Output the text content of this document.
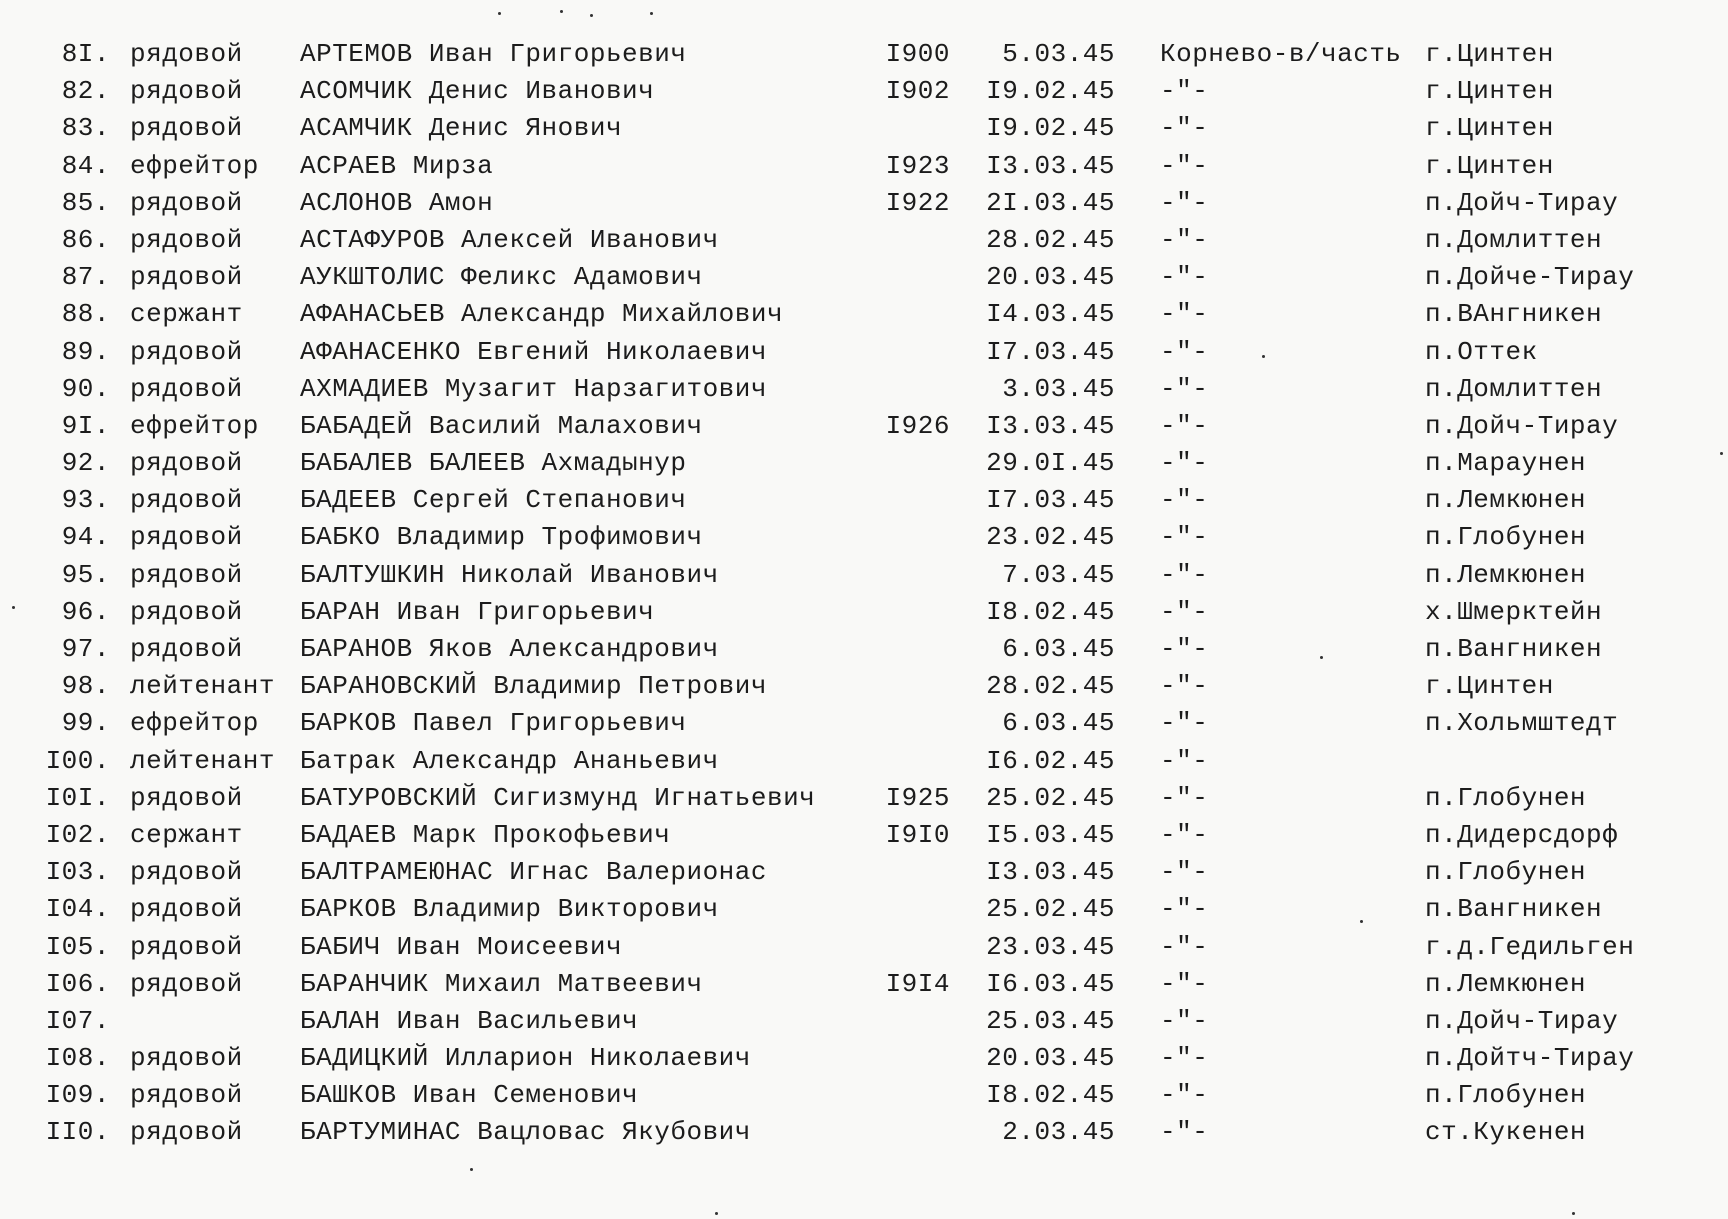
8I. рядовой АРТЕМОВ Иван Григорьевич	I900	5.03.45 Корнево-в/часть г.Цинтен
82. рядовой АСОМЧИК Денис Иванович	I902	I9.02.45 -"-	г.Цинтен
83. рядовой АСАМЧИК Денис Янович	I9.02.45 -"-	г.Цинтен
84. ефрейтор АСРАЕВ Мирза	I923	I3.03.45 -"-	г.Цинтен
85. рядовой АСЛОНОВ Амон	I922	2I.03.45 -"-	п.Дойч-Тирау
86. рядовой АСТАФУРОВ Алексей Иванович	28.02.45 -"-	п.Домлиттен
87. рядовой АУКШТОЛИС Феликс Адамович	20.03.45 -"-	п.Дойче-Тирау
88. сержант АФАНАСЬЕВ Александр Михайлович	I4.03.45 -"-	п.ВАнгникен
89. рядовой АФАНАСЕНКО Евгений Николаевич	I7.03.45 -"-	п.Оттек
90. рядовой АХМАДИЕВ Музагит Нарзагитович	3.03.45 -"-	п.Домлиттен
9I. ефрейтор БАБАДЕЙ Василий Малахович	I926	I3.03.45 -"-	п.Дойч-Тирау
92. рядовой БАБАЛЕВ БАЛЕЕВ Ахмадынур	29.0I.45 -"-	п.Мараунен
93. рядовой БАДЕЕВ Сергей Степанович	I7.03.45 -"-	п.Лемкюнен
94. рядовой БАБКО Владимир Трофимович	23.02.45 -"-	п.Глобунен
95. рядовой БАЛТУШКИН Николай Иванович	7.03.45 -"-	п.Лемкюнен
96. рядовой БАРАН Иван Григорьевич	I8.02.45 -"-	х.Шмерктейн
97. рядовой БАРАНОВ Яков Александрович	6.03.45 -"-	п.Вангникен
98. лейтенант БАРАНОВСКИЙ Владимир Петрович	28.02.45 -"-	г.Цинтен
99. ефрейтор БАРКОВ Павел Григорьевич	6.03.45 -"-	п.Хольмштедт
I00. лейтенант Батрак Александр Ананьевич	I6.02.45 -"-
I0I. рядовой БАТУРОВСКИЙ Сигизмунд Игнатьевич	I925	25.02.45 -"-	п.Глобунен
I02. сержант БАДАЕВ Марк Прокофьевич	I9I0	I5.03.45 -"-	п.Дидерсдорф
I03. рядовой БАЛТРАМЕЮНАС Игнас Валерионас	I3.03.45 -"-	п.Глобунен
I04. рядовой БАРКОВ Владимир Викторович	25.02.45 -"-	п.Вангникен
I05. рядовой БАБИЧ Иван Моисеевич	23.03.45 -"-	г.д.Гедильген
I06. рядовой БАРАНЧИК Михаил Матвеевич	I9I4	I6.03.45 -"-	п.Лемкюнен
I07.	БАЛАН Иван Васильевич	25.03.45 -"-	п.Дойч-Тирау
I08. рядовой БАДИЦКИЙ Илларион Николаевич	20.03.45 -"-	п.Дойтч-Тирау
I09. рядовой БАШКОВ Иван Семенович	I8.02.45 -"-	п.Глобунен
II0. рядовой БАРТУМИНАС Вацловас Якубович	2.03.45 -"-	ст.Кукенен
